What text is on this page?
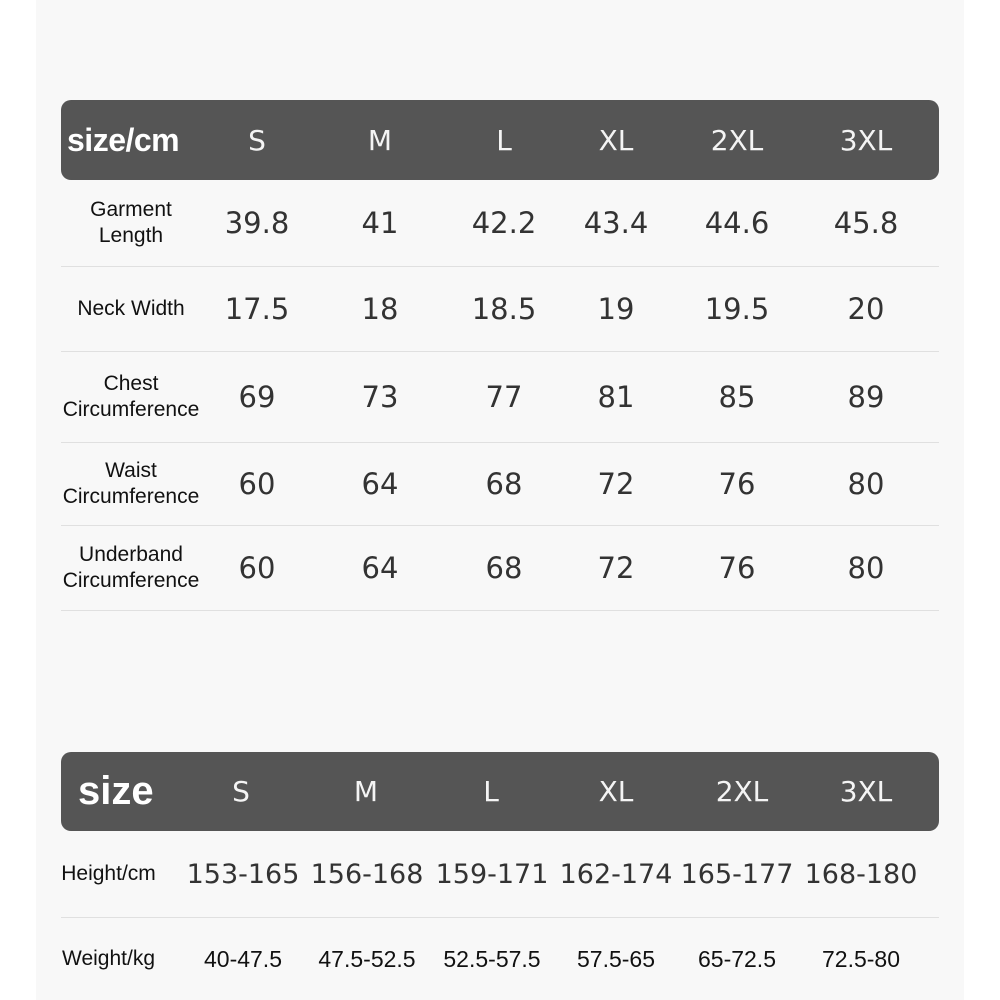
size/cm	S	M	L	XL	2XL	3XL
Garment
Length	39.8	41	42.2	43.4	44.6	45.8
Neck Width	17.5	18	18.5	19	19.5	20
Chest
Circumference	69	73	77	81	85	89
Waist
Circumference	60	64	68	72	76	80
Underband
Circumference	60	64	68	72	76	80
size	S	M	L	XL	2XL	3XL
Height/cm	153-165 156-168 159-171 162-174 165-177 168-180
Weight/kg	40-47.5	47.5-52.5	52.5-57.5	57.5-65	65-72.5	72.5-80
